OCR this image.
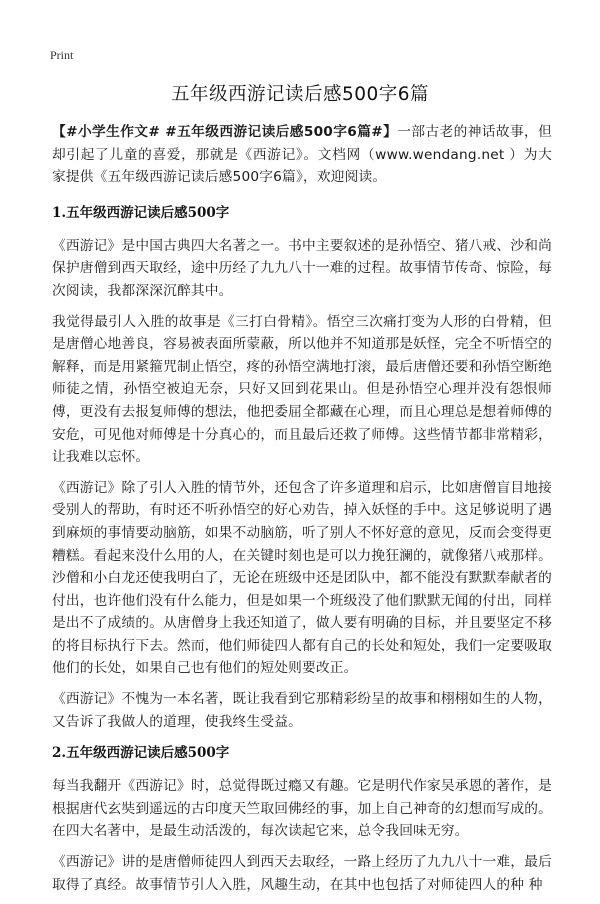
Print
五年级西游记读后感500字6篇

【#小学生作文# #五年级西游记读后感500字6篇#】一部古老的神话故事，但却引起了儿童的喜爱，那就是《西游记》。文档网（www.wendang.net ）为大家提供《五年级西游记读后感500字6篇》，欢迎阅读。

1.五年级西游记读后感500字

《西游记》是中国古典四大名著之一。书中主要叙述的是孙悟空、猪八戒、沙和尚保护唐僧到西天取经，途中历经了九九八十一难的过程。故事情节传奇、惊险，每次阅读，我都深深沉醉其中。

我觉得最引人入胜的故事是《三打白骨精》。悟空三次痛打变为人形的白骨精，但是唐僧心地善良，容易被表面所蒙蔽，所以他并不知道那是妖怪，完全不听悟空的解释，而是用紧箍咒制止悟空，疼的孙悟空满地打滚，最后唐僧还要和孙悟空断绝师徒之情，孙悟空被迫无奈，只好又回到花果山。但是孙悟空心理并没有怨恨师傅，更没有去报复师傅的想法，他把委屈全都藏在心理，而且心理总是想着师傅的安危，可见他对师傅是十分真心的，而且最后还救了师傅。这些情节都非常精彩，让我难以忘怀。

《西游记》除了引人入胜的情节外，还包含了许多道理和启示，比如唐僧盲目地接受别人的帮助，有时还不听孙悟空的好心劝告，掉入妖怪的手中。这足够说明了遇到麻烦的事情要动脑筋，如果不动脑筋，听了别人不怀好意的意见，反而会变得更糟糕。看起来没什么用的人，在关键时刻也是可以力挽狂澜的，就像猪八戒那样。沙僧和小白龙还使我明白了，无论在班级中还是团队中，都不能没有默默奉献者的付出，也许他们没有什么能力，但是如果一个班级没了他们默默无闻的付出，同样是出不了成绩的。从唐僧身上我还知道了，做人要有明确的目标，并且要坚定不移的将目标执行下去。然而，他们师徒四人都有自己的长处和短处，我们一定要吸取他们的长处，如果自己也有他们的短处则要改正。

《西游记》不愧为一本名著，既让我看到它那精彩纷呈的故事和栩栩如生的人物，又告诉了我做人的道理，使我终生受益。

2.五年级西游记读后感500字

每当我翻开《西游记》时，总觉得既过瘾又有趣。它是明代作家吴承恩的著作，是根据唐代玄奘到遥远的古印度天竺取回佛经的事，加上自己神奇的幻想而写成的。在四大名著中，是最生动活泼的，每次读起它来，总令我回味无穷。

《西游记》讲的是唐僧师徒四人到西天去取经，一路上经历了九九八十一难，最后取得了真经。故事情节引人入胜，风趣生动，在其中也包括了对师徒四人的种 种
